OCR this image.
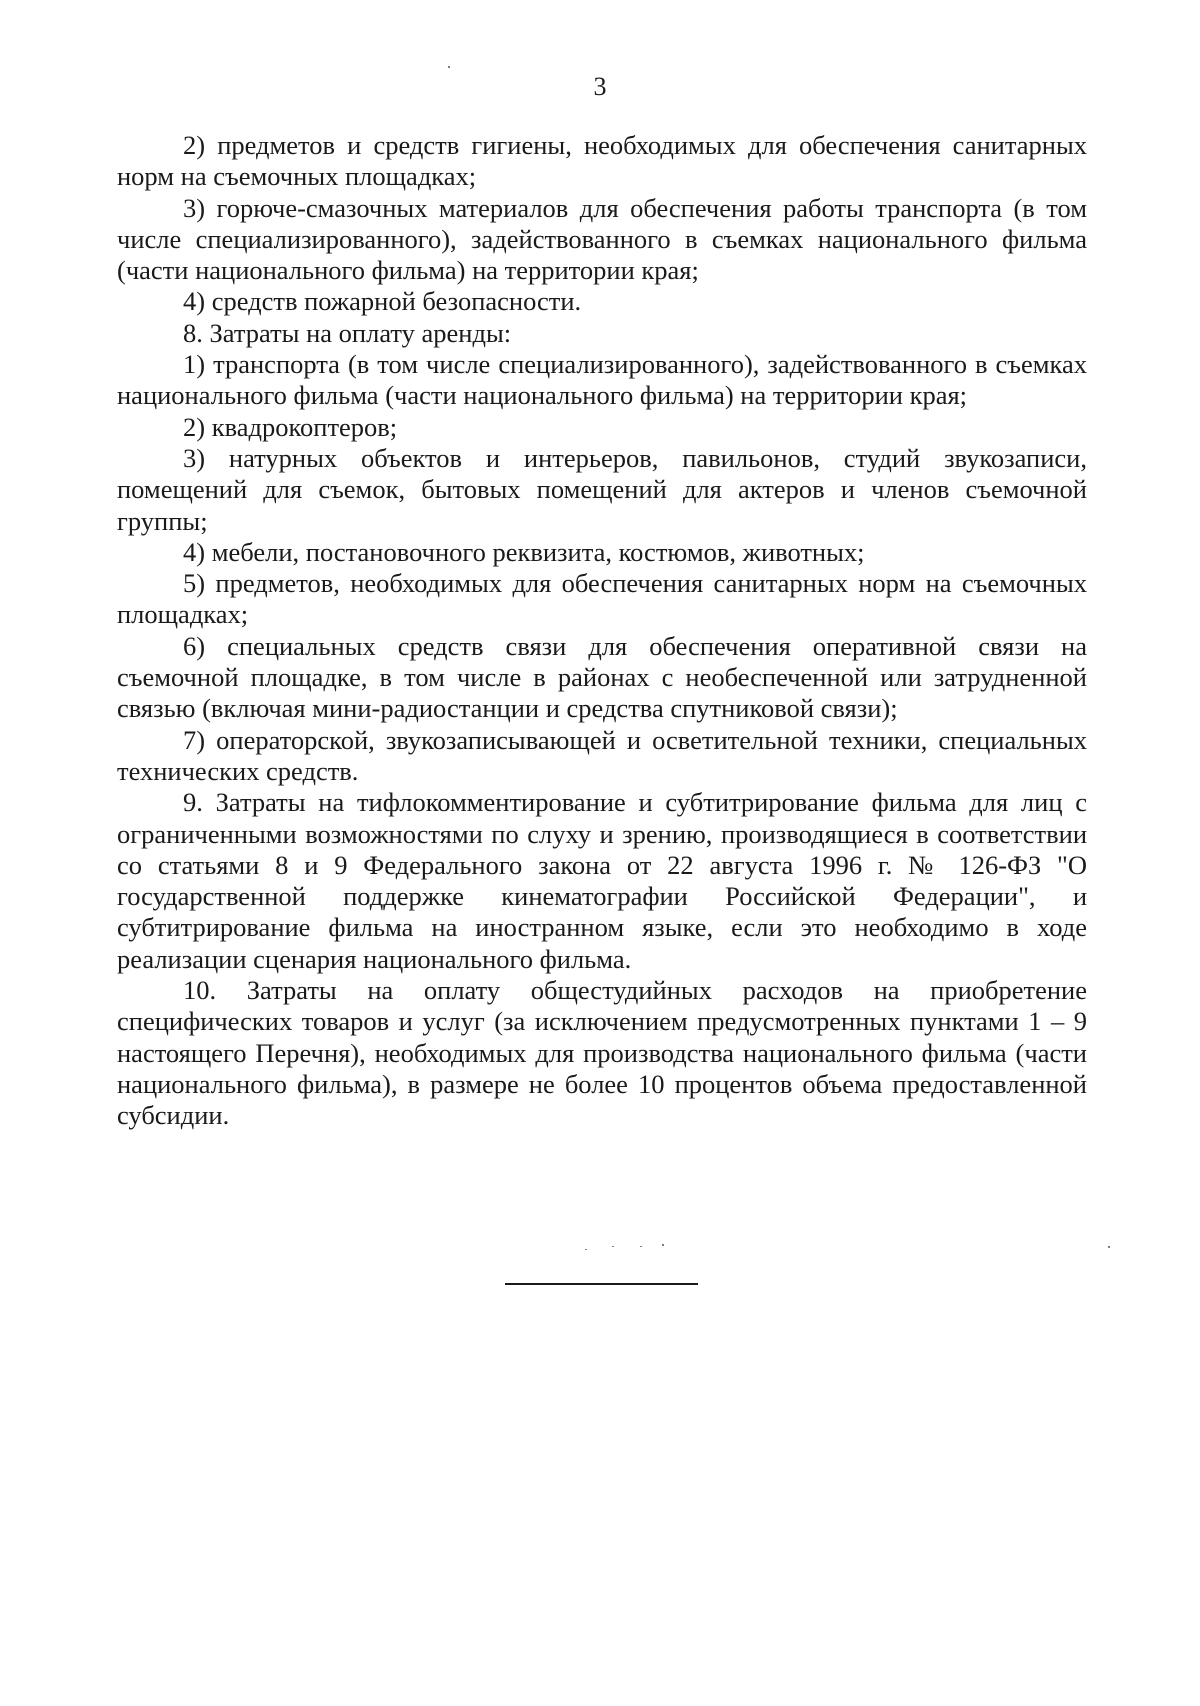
3

2) предметов и средств гигиены, необходимых для обеспечения санитарных норм на съемочных площадках;

3) горюче-смазочных материалов для обеспечения работы транспорта (в том числе специализированного), задействованного в съемках национального фильма (части национального фильма) на территории края;

4) средств пожарной безопасности.

8. Затраты на оплату аренды:

1) транспорта (в том числе специализированного), задействованного в съемках национального фильма (части национального фильма) на территории края;

2) квадрокоптеров;

3) натурных объектов и интерьеров, павильонов, студий звукозаписи, помещений для съемок, бытовых помещений для актеров и членов съемочной группы;

4) мебели, постановочного реквизита, костюмов, животных;

5) предметов, необходимых для обеспечения санитарных норм на съемочных площадках;

6) специальных средств связи для обеспечения оперативной связи на съемочной площадке, в том числе в районах с необеспеченной или затрудненной связью (включая мини-радиостанции и средства спутниковой связи);

7) операторской, звукозаписывающей и осветительной техники, специальных технических средств.

9. Затраты на тифлокомментирование и субтитрирование фильма для лиц с ограниченными возможностями по слуху и зрению, производящиеся в соответствии со статьями 8 и 9 Федерального закона от 22 августа 1996 г. № 126-ФЗ "О государственной поддержке кинематографии Российской Федерации", и субтитрирование фильма на иностранном языке, если это необходимо в ходе реализации сценария национального фильма.

10. Затраты на оплату общестудийных расходов на приобретение специфических товаров и услуг (за исключением предусмотренных пунктами 1 – 9 настоящего Перечня), необходимых для производства национального фильма (части национального фильма), в размере не более 10 процентов объема предоставленной субсидии.
